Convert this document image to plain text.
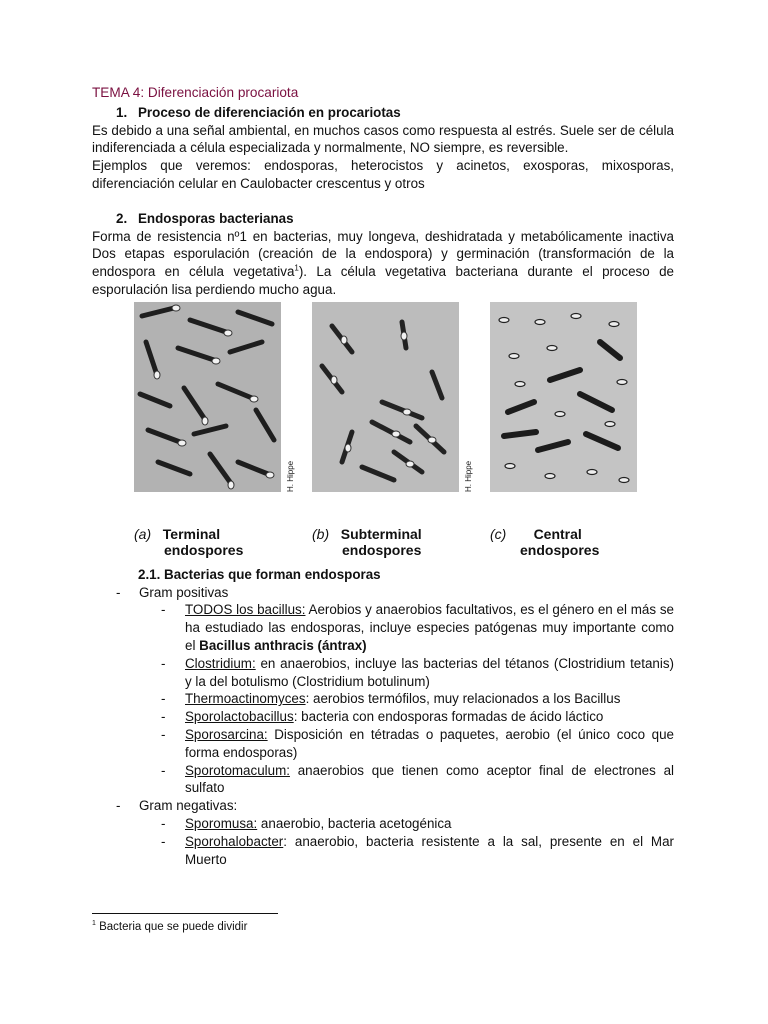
TEMA 4: Diferenciación procariota
1. Proceso de diferenciación en procariotas

Es debido a una señal ambiental, en muchos casos como respuesta al estrés. Suele ser de célula indiferenciada a célula especializada y normalmente, NO siempre, es reversible.

Ejemplos que veremos: endosporas, heterocistos y acinetos, exosporas, mixosporas, diferenciación celular en Caulobacter crescentus y otros

2. Endosporas bacterianas

Forma de resistencia nº1 en bacterias, muy longeva, deshidratada y metabólicamente inactiva Dos etapas esporulación (creación de la endospora) y germinación (transformación de la endospora en célula vegetativa$^1$). La célula vegetativa bacteriana durante el proceso de esporulación lisa perdiendo mucho agua.

H. Hippe	H. Hippe
(a) Terminal
endospores
(b) Subterminal
endospores
(c) Central
endospores
2.1. Bacterias que forman endosporas
- Gram positivas
- TODOS los bacillus: Aerobios y anaerobios facultativos, es el género en el más se ha estudiado las endosporas, incluye especies patógenas muy importante como el Bacillus anthracis (ántrax)
- Clostridium: en anaerobios, incluye las bacterias del tétanos (Clostridium tetanis) y la del botulismo (Clostridium botulinum)
- Thermoactinomyces: aerobios termófilos, muy relacionados a los Bacillus
- Sporolactobacillus: bacteria con endosporas formadas de ácido láctico
- Sporosarcina: Disposición en tétradas o paquetes, aerobio (el único coco que forma endosporas)
- Sporotomaculum: anaerobios que tienen como aceptor final de electrones al sulfato
- Gram negativas:
- Sporomusa: anaerobio, bacteria acetogénica
- Sporohalobacter: anaerobio, bacteria resistente a la sal, presente en el Mar Muerto
$^1$ Bacteria que se puede dividir
